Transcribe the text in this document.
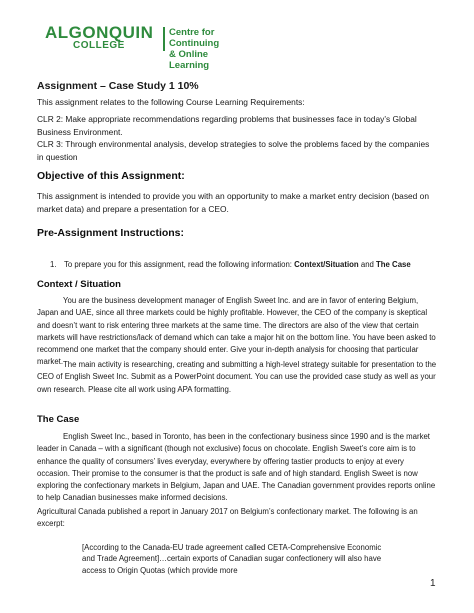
ALGONQUIN
COLLEGE
Centre for Continuing
& Online Learning
Assignment – Case Study 1 10%

This assignment relates to the following Course Learning Requirements:

CLR 2: Make appropriate recommendations regarding problems that businesses face in today’s Global Business Environment.

CLR 3: Through environmental analysis, develop strategies to solve the problems faced by the companies in question

Objective of this Assignment:

This assignment is intended to provide you with an opportunity to make a market entry decision (based on market data) and prepare a presentation for a CEO.

Pre-Assignment Instructions:

1. To prepare you for this assignment, read the following information: Context/Situation and The Case

Context / Situation

You are the business development manager of English Sweet Inc. and are in favor of entering Belgium, Japan and UAE, since all three markets could be highly profitable. However, the CEO of the company is skeptical and doesn’t want to risk entering three markets at the same time. The directors are also of the view that certain markets will have restrictions/lack of demand which can take a major hit on the bottom line. You have been asked to recommend one market that the company should enter. Give your in-depth analysis for choosing that particular market. The main activity is researching, creating and submitting a high-level strategy suitable for presentation to the CEO of English Sweet Inc. Submit as a PowerPoint document. You can use the provided case study as well as your own research. Please cite all work using APA formatting.

The Case

English Sweet Inc., based in Toronto, has been in the confectionary business since 1990 and is the market leader in Canada – with a significant (though not exclusive) focus on chocolate. English Sweet’s core aim is to enhance the quality of consumers’ lives everyday, everywhere by offering tastier products to enjoy at every occasion. Their promise to the consumer is that the product is safe and of high standard. English Sweet is now exploring the confectionary markets in Belgium, Japan and UAE. The Canadian government provides reports online to help Canadian businesses make informed decisions.

Agricultural Canada published a report in January 2017 on Belgium’s confectionary market. The following is an excerpt:

[According to the Canada-EU trade agreement called CETA-Comprehensive Economic and Trade Agreement]…certain exports of Canadian sugar confectionery will also have access to Origin Quotas (which provide more

1
